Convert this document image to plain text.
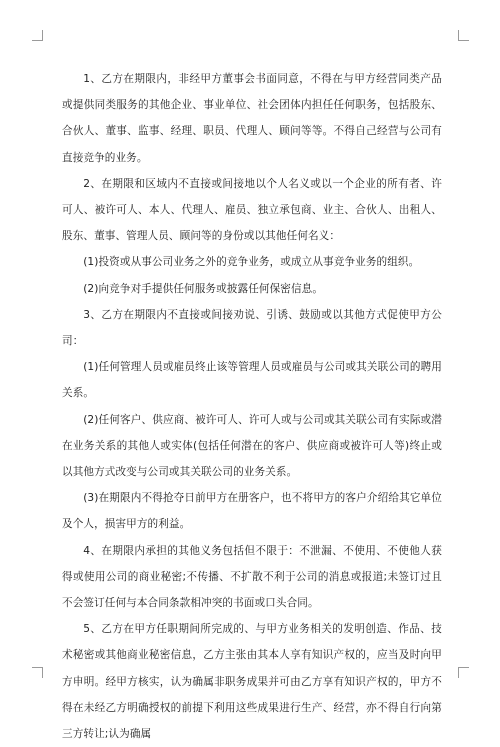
1、乙方在期限内，非经甲方董事会书面同意，不得在与甲方经营同类产品或提供同类服务的其他企业、事业单位、社会团体内担任任何职务，包括股东、合伙人、董事、监事、经理、职员、代理人、顾问等等。不得自己经营与公司有直接竞争的业务。

2、在期限和区域内不直接或间接地以个人名义或以一个企业的所有者、许可人、被许可人、本人、代理人、雇员、独立承包商、业主、合伙人、出租人、股东、董事、管理人员、顾问等的身份或以其他任何名义：

(1)投资或从事公司业务之外的竞争业务，或成立从事竞争业务的组织。

(2)向竞争对手提供任何服务或披露任何保密信息。

3、乙方在期限内不直接或间接劝说、引诱、鼓励或以其他方式促使甲方公司：

(1)任何管理人员或雇员终止该等管理人员或雇员与公司或其关联公司的聘用关系。

(2)任何客户、供应商、被许可人、许可人或与公司或其关联公司有实际或潜在业务关系的其他人或实体(包括任何潜在的客户、供应商或被许可人等)终止或以其他方式改变与公司或其关联公司的业务关系。

(3)在期限内不得抢夺日前甲方在册客户，也不将甲方的客户介绍给其它单位及个人，损害甲方的利益。

4、在期限内承担的其他义务包括但不限于：不泄漏、不使用、不使他人获得或使用公司的商业秘密;不传播、不扩散不利于公司的消息或报道;未签订过且不会签订任何与本合同条款相冲突的书面或口头合同。

5、乙方在甲方任职期间所完成的、与甲方业务相关的发明创造、作品、技术秘密或其他商业秘密信息，乙方主张由其本人享有知识产权的，应当及时向甲方申明。经甲方核实，认为确属非职务成果并可由乙方享有知识产权的，甲方不得在未经乙方明确授权的前提下利用这些成果进行生产、经营，亦不得自行向第三方转让;认为确属
